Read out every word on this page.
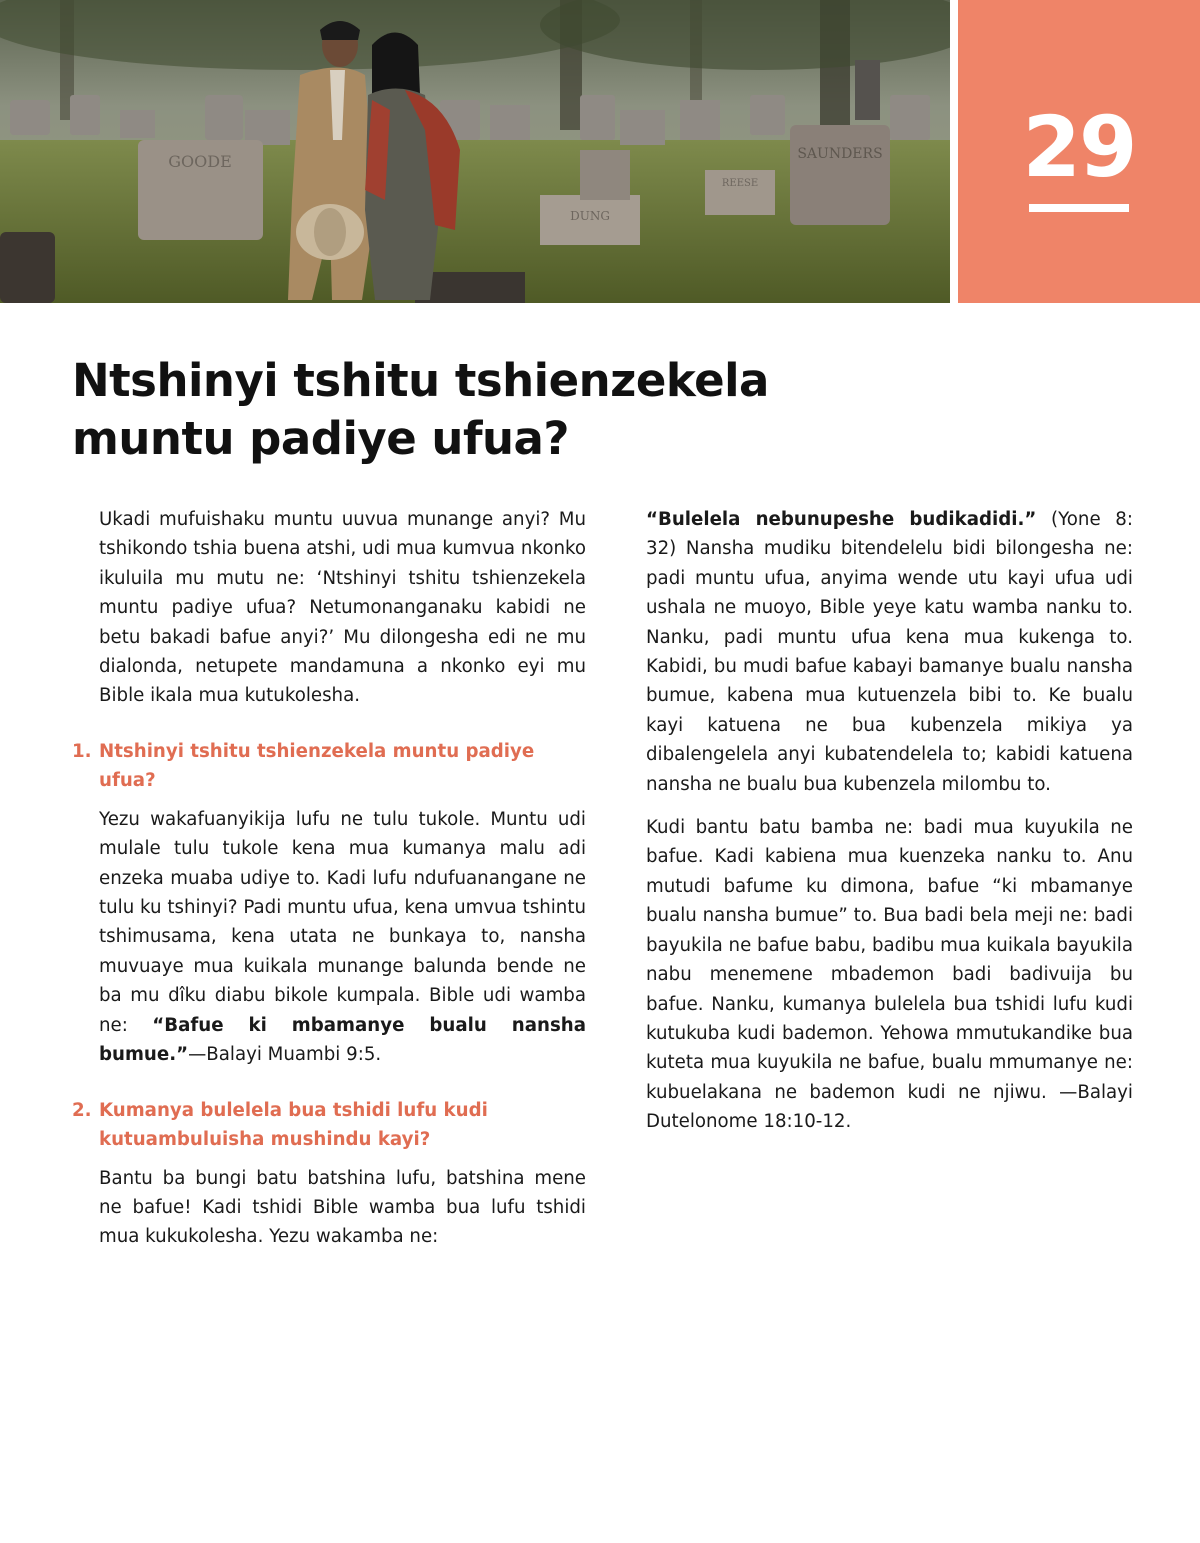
GOODE
DUNG
SAUNDERS
REESE	29
Ntshinyi tshitu tshienzekela muntu padiye ufua?

Ukadi mufuishaku muntu uuvua munange anyi? Mu tshikondo tshia buena atshi, udi mua kumvua nkonko ikuluila mu mutu ne: ‘Ntshinyi tshitu tshienzekela muntu padiye ufua? Netumonanganaku kabidi ne betu bakadi bafue anyi?’ Mu dilongesha edi ne mu dialonda, netupete mandamuna a nkonko eyi mu Bible ikala mua kutukolesha.

1. Ntshinyi tshitu tshienzekela muntu padiye ufua?

Yezu wakafuanyikija lufu ne tulu tukole. Muntu udi mulale tulu tukole kena mua kumanya malu adi enzeka muaba udiye to. Kadi lufu ndufuanangane ne tulu ku tshinyi? Padi muntu ufua, kena umvua tshintu tshimusama, kena utata ne bunkaya to, nansha muvuaye mua kuikala munange balunda bende ne ba mu dîku diabu bikole kumpala. Bible udi wamba ne: “Bafue ki mbamanye bualu nansha bumue.”—Balayi Muambi 9:5.

2. Kumanya bulelela bua tshidi lufu kudi kutuambuluisha mushindu kayi?

Bantu ba bungi batu batshina lufu, batshina mene ne bafue! Kadi tshidi Bible wamba bua lufu tshidi mua kukukolesha. Yezu wakamba ne:

“Bulelela nebunupeshe budikadidi.” (Yone 8: 32) Nansha mudiku bitendelelu bidi bilongesha ne: padi muntu ufua, anyima wende utu kayi ufua udi ushala ne muoyo, Bible yeye katu wamba nanku to. Nanku, padi muntu ufua kena mua kukenga to. Kabidi, bu mudi bafue kabayi bamanye bualu nansha bumue, kabena mua kutuenzela bibi to. Ke bualu kayi katuena ne bua kubenzela mikiya ya dibalengelela anyi kubatendelela to; kabidi katuena nansha ne bualu bua kubenzela milombu to.

Kudi bantu batu bamba ne: badi mua kuyukila ne bafue. Kadi kabiena mua kuenzeka nanku to. Anu mutudi bafume ku dimona, bafue “ki mbamanye bualu nansha bumue” to. Bua badi bela meji ne: badi bayukila ne bafue babu, badibu mua kuikala bayukila nabu menemene mbademon badi badivuija bu bafue. Nanku, kumanya bulelela bua tshidi lufu kudi kutukuba kudi bademon. Yehowa mmutukandike bua kuteta mua kuyukila ne bafue, bualu mmumanye ne: kubuelakana ne bademon kudi ne njiwu. —Balayi Dutelonome 18:10-12.
